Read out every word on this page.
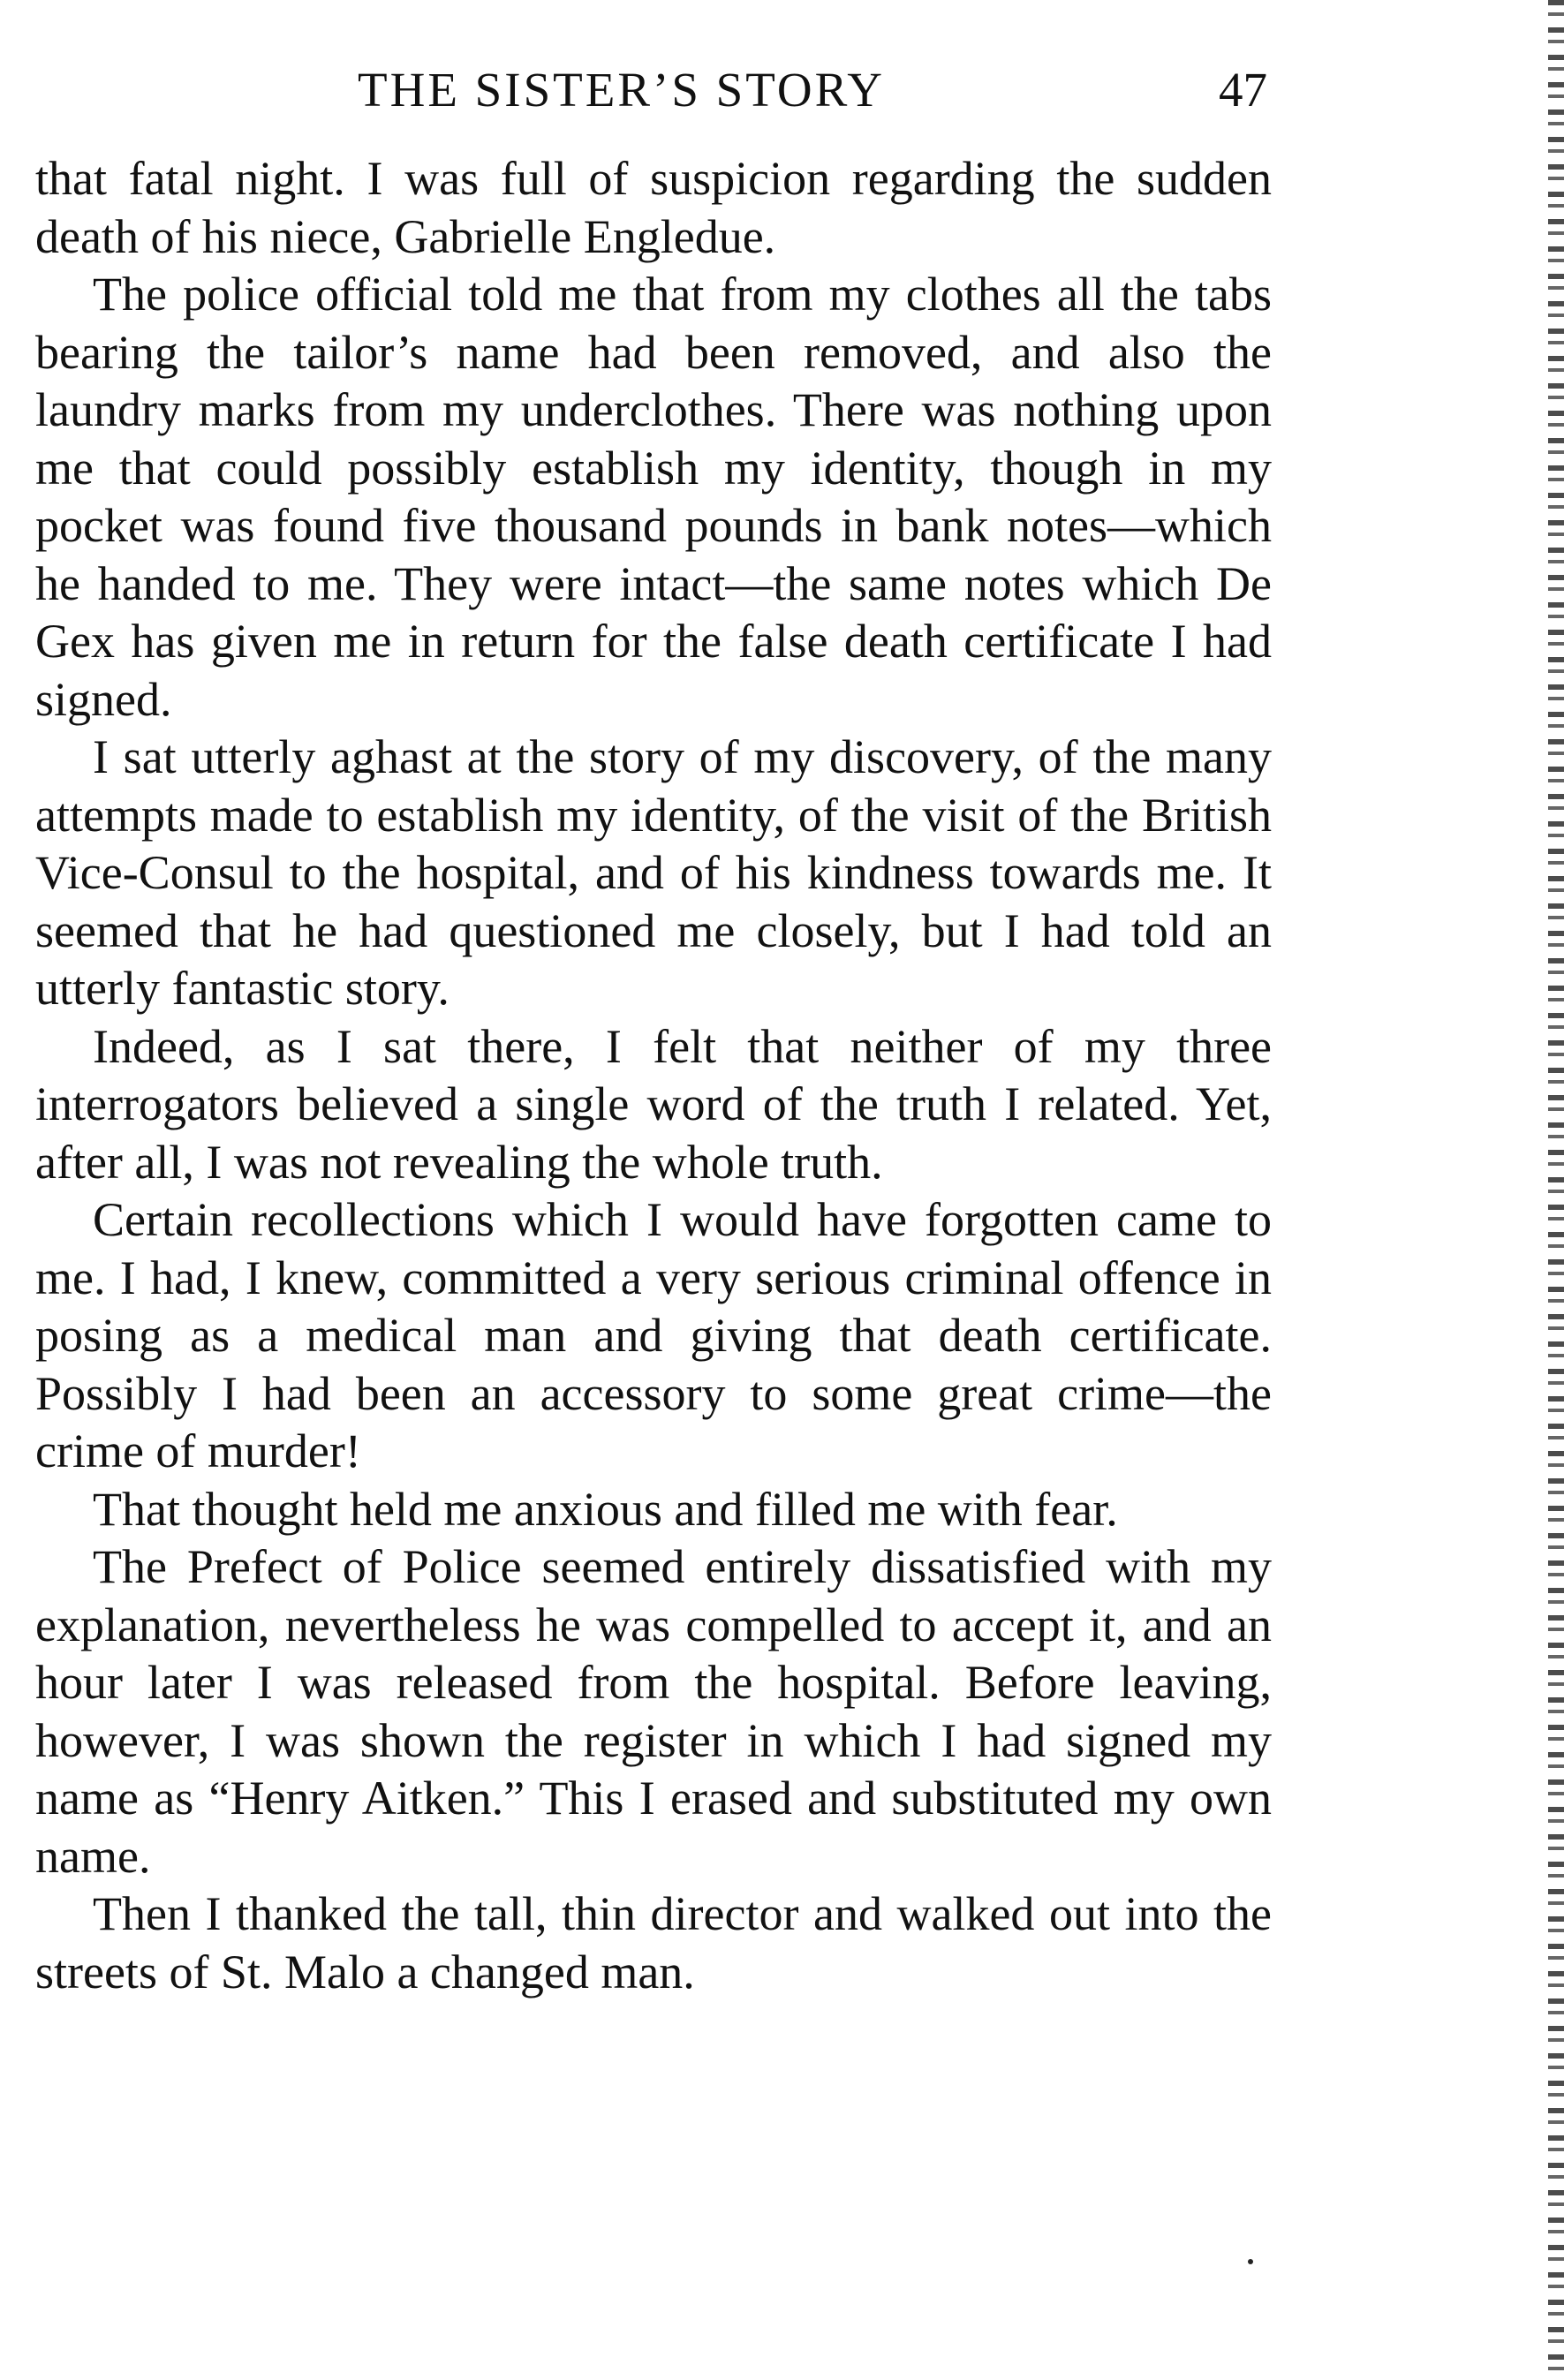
THE SISTER’S STORY	47

that fatal night. I was full of suspicion regarding the sudden death of his niece, Gabrielle Engledue.

The police official told me that from my clothes all the tabs bearing the tailor’s name had been removed, and also the laundry marks from my underclothes. There was nothing upon me that could possibly establish my identity, though in my pocket was found five thousand pounds in bank notes—which he handed to me. They were intact—the same notes which De Gex has given me in return for the false death certificate I had signed.

I sat utterly aghast at the story of my discovery, of the many attempts made to establish my identity, of the visit of the British Vice-Consul to the hospital, and of his kindness towards me. It seemed that he had questioned me closely, but I had told an utterly fantastic story.

Indeed, as I sat there, I felt that neither of my three interrogators believed a single word of the truth I related. Yet, after all, I was not revealing the whole truth.

Certain recollections which I would have forgotten came to me. I had, I knew, committed a very serious criminal offence in posing as a medical man and giving that death certificate. Possibly I had been an accessory to some great crime—the crime of murder!

That thought held me anxious and filled me with fear.

The Prefect of Police seemed entirely dissatisfied with my explanation, nevertheless he was compelled to accept it, and an hour later I was released from the hospital. Before leaving, however, I was shown the register in which I had signed my name as “Henry Aitken.” This I erased and substituted my own name.

Then I thanked the tall, thin director and walked out into the streets of St. Malo a changed man.
